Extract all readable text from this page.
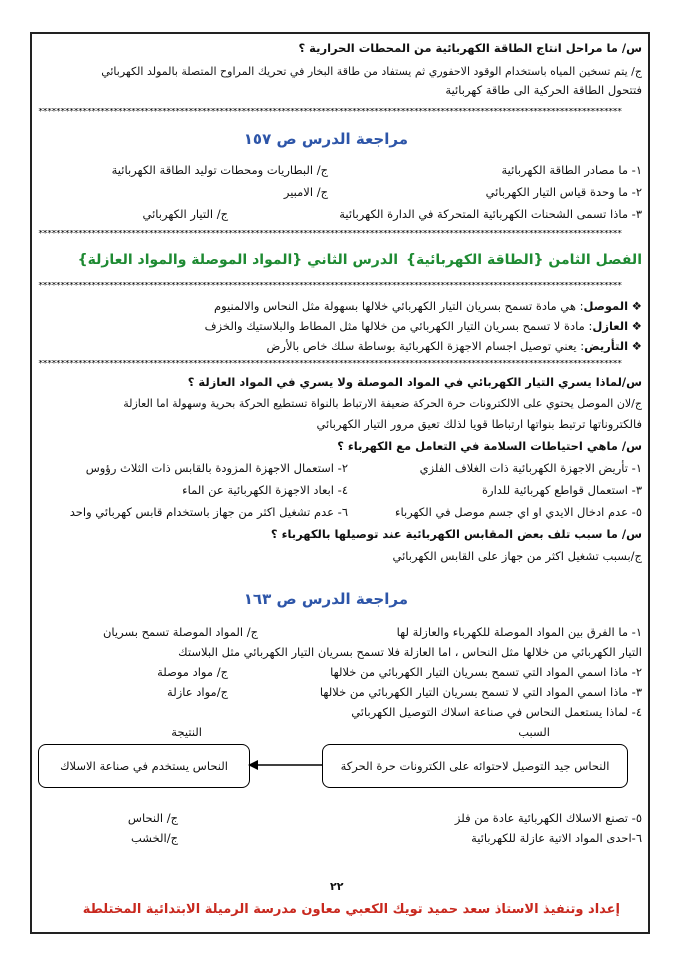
س/ ما مراحل انتاج الطاقة الكهربائية من المحطات الحرارية ؟
ج/ يتم تسخين المياه باستخدام الوقود الاحفوري ثم يستفاد من طاقة البخار في تحريك المراوح المتصلة بالمولد الكهربائي
فتتحول الطاقة الحركية الى طاقة كهربائية
************************************************************************************************************************************
مراجعة الدرس ص ١٥٧
١- ما مصادر الطاقة الكهربائية
ج/ البطاريات ومحطات توليد الطاقة الكهربائية
٢- ما وحدة قياس التيار الكهربائي
ج/ الامبير
٣- ماذا تسمى الشحنات الكهربائية المتحركة في الدارة الكهربائية
ج/ التيار الكهربائي
************************************************************************************************************************************
الفصل الثامن {الطاقة الكهربائية}
الدرس الثاني {المواد الموصلة والمواد العازلة}
************************************************************************************************************************************
❖ الموصل: هي مادة تسمح بسريان التيار الكهربائي خلالها بسهولة مثل النحاس والالمنيوم
❖ العازل: مادة لا تسمح بسريان التيار الكهربائي من خلالها مثل المطاط والبلاستيك والخزف
❖ التأريض: يعني توصيل اجسام الاجهزة الكهربائية بوساطة سلك خاص بالأرض
************************************************************************************************************************************
س/لماذا يسري التيار الكهربائي في المواد الموصلة ولا يسري في المواد العازلة ؟
ج/لان الموصل يحتوي على الالكترونات حرة الحركة ضعيفة الارتباط بالنواة تستطيع الحركة بحرية وسهولة اما العازلة
فالكتروناتها ترتبط بنواتها ارتباطا قويا لذلك تعيق مرور التيار الكهربائي
س/ ماهي احتياطات السلامة في التعامل مع الكهرباء ؟
١- تأريض الاجهزة الكهربائية ذات الغلاف الفلزي
٢- استعمال الاجهزة المزودة بالقابس ذات الثلاث رؤوس
٣- استعمال قواطع كهربائية للدارة
٤- ابعاد الاجهزة الكهربائية عن الماء
٥- عدم ادخال الايدي او اي جسم موصل في الكهرباء
٦- عدم تشغيل اكثر من جهاز باستخدام قابس كهربائي واحد
س/ ما سبب تلف بعض المقابس الكهربائية عند توصيلها بالكهرباء ؟
ج/بسبب تشغيل اكثر من جهاز على القابس الكهربائي
مراجعة الدرس ص ١٦٣
١- ما الفرق بين المواد الموصلة للكهرباء والعازلة لها
ج/ المواد الموصلة تسمح بسريان
التيار الكهربائي من خلالها مثل النحاس ، اما العازلة فلا تسمح بسريان التيار الكهربائي مثل البلاستك
٢- ماذا اسمي المواد التي تسمح بسريان التيار الكهربائي من خلالها
ج/ مواد موصلة
٣- ماذا اسمي المواد التي لا تسمح بسريان التيار الكهربائي من خلالها
ج/مواد عازلة
٤- لماذا يستعمل النحاس في صناعة اسلاك التوصيل الكهربائي
السبب
النتيجة
النحاس جيد التوصيل لاحتوائه على الكترونات حرة الحركة
النحاس يستخدم في صناعة الاسلاك
٥- تصنع الاسلاك الكهربائية عادة من فلز
ج/ النحاس
٦-احدى المواد الاتية عازلة للكهربائية
ج/الخشب
٢٢
إعداد وتنفيذ الاستاذ سعد حميد تويك الكعبي معاون مدرسة الرميلة الابتدائية المختلطة
